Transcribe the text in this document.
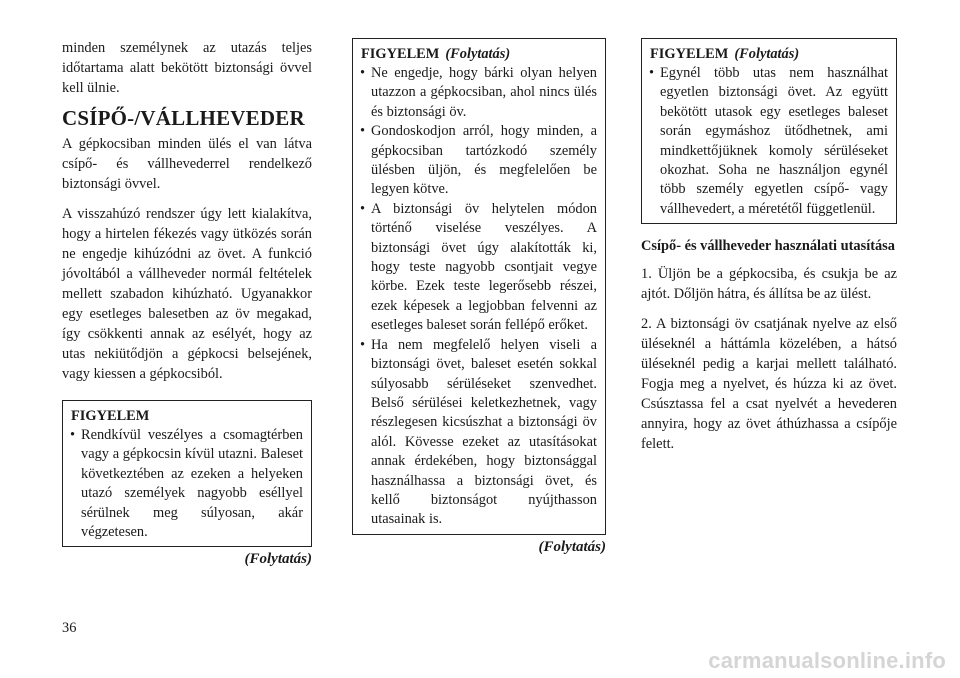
minden személynek az utazás teljes időtartama alatt bekötött biztonsági övvel kell ülnie.

CSÍPŐ-/VÁLLHEVEDER

A gépkocsiban minden ülés el van látva csípő- és vállhevederrel rendelkező biztonsági övvel.

A visszahúzó rendszer úgy lett kialakítva, hogy a hirtelen fékezés vagy ütközés során ne engedje kihúzódni az övet. A funkció jóvoltából a vállheveder normál feltételek mellett szabadon kihúzható. Ugyanakkor egy esetleges balesetben az öv megakad, így csökkenti annak az esélyét, hogy az utas nekiütődjön a gépkocsi belsejének, vagy kiessen a gépkocsiból.

FIGYELEM
• Rendkívül veszélyes a csomagtérben vagy a gépkocsin kívül utazni. Baleset következtében az ezeken a helyeken utazó személyek nagyobb eséllyel sérülnek meg súlyosan, akár végzetesen.
(Folytatás)
FIGYELEM (Folytatás)
• Ne engedje, hogy bárki olyan helyen utazzon a gépkocsiban, ahol nincs ülés és biztonsági öv.
• Gondoskodjon arról, hogy minden, a gépkocsiban tartózkodó személy ülésben üljön, és megfelelően be legyen kötve.
• A biztonsági öv helytelen módon történő viselése veszélyes. A biztonsági övet úgy alakították ki, hogy teste nagyobb csontjait vegye körbe. Ezek teste legerősebb részei, ezek képesek a legjobban felvenni az esetleges baleset során fellépő erőket.
• Ha nem megfelelő helyen viseli a biztonsági övet, baleset esetén sokkal súlyosabb sérüléseket szenvedhet. Belső sérülései keletkezhetnek, vagy részlegesen kicsúszhat a biztonsági öv alól. Kövesse ezeket az utasításokat annak érdekében, hogy biztonsággal használhassa a biztonsági övet, és kellő biztonságot nyújthasson utasainak is.
(Folytatás)
FIGYELEM (Folytatás)
• Egynél több utas nem használhat egyetlen biztonsági övet. Az együtt bekötött utasok egy esetleges baleset során egymáshoz ütődhetnek, ami mindkettőjüknek komoly sérüléseket okozhat. Soha ne használjon egynél több személy egyetlen csípő- vagy vállhevedert, a méretétől függetlenül.
Csípő- és vállheveder használati utasítása

1. Üljön be a gépkocsiba, és csukja be az ajtót. Dőljön hátra, és állítsa be az ülést.

2. A biztonsági öv csatjának nyelve az első üléseknél a háttámla közelében, a hátsó üléseknél pedig a karjai mellett található. Fogja meg a nyelvet, és húzza ki az övet. Csúsztassa fel a csat nyelvét a hevederen annyira, hogy az övet áthúzhassa a csípője felett.

36
carmanualsonline.info
